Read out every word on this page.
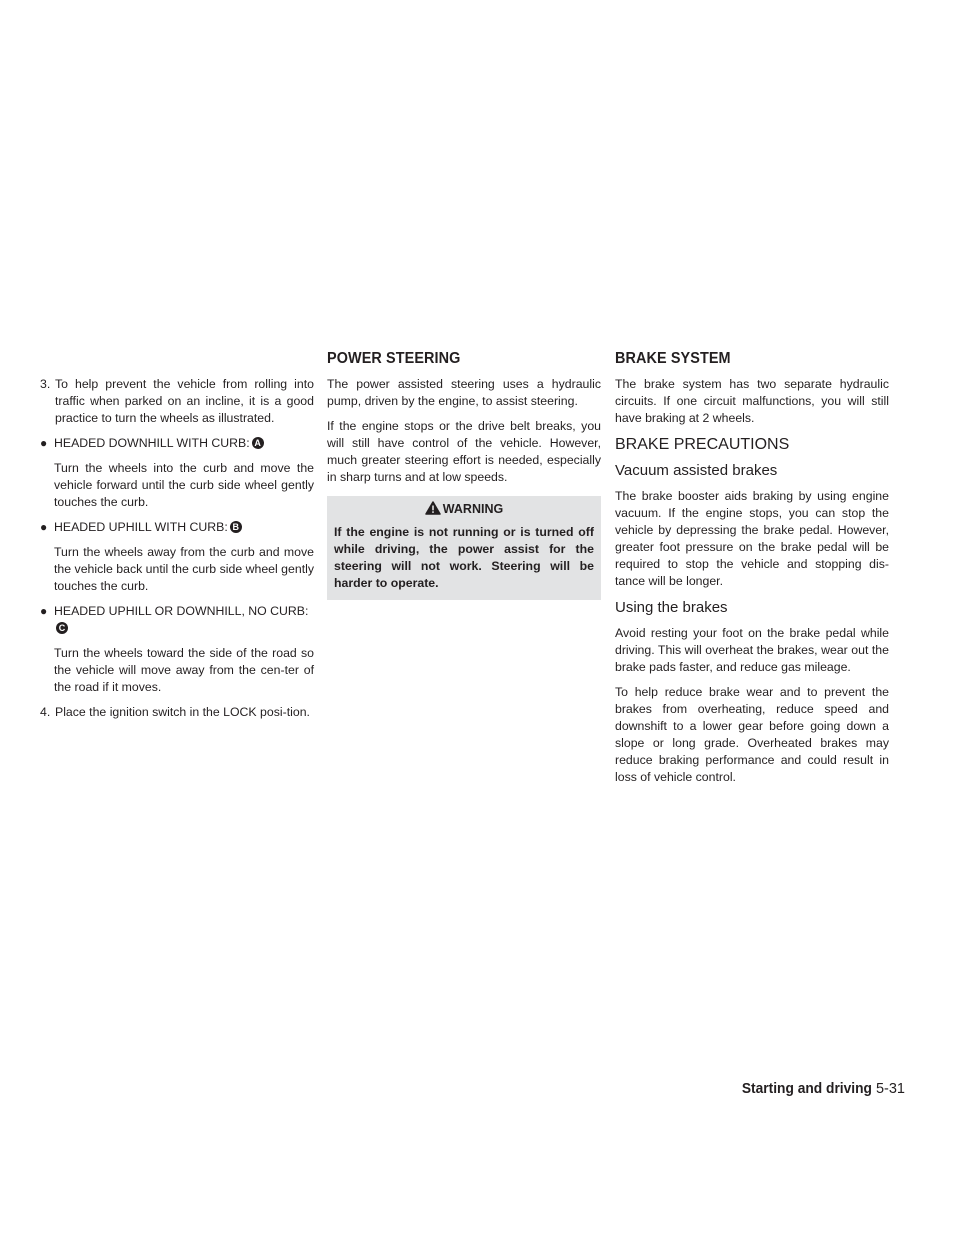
POWER STEERING	BRAKE SYSTEM
3. To help prevent the vehicle from rolling into traffic when parked on an incline, it is a good practice to turn the wheels as illustrated.
● HEADED DOWNHILL WITH CURB: A

Turn the wheels into the curb and move the vehicle forward until the curb side wheel gently touches the curb.

● HEADED UPHILL WITH CURB: B

Turn the wheels away from the curb and move the vehicle back until the curb side wheel gently touches the curb.

● HEADED UPHILL OR DOWNHILL, NO CURB:C

Turn the wheels toward the side of the road so the vehicle will move away from the cen-ter of the road if it moves.

4. Place the ignition switch in the LOCK posi-tion.

The power assisted steering uses a hydraulic pump, driven by the engine, to assist steering.

If the engine stops or the drive belt breaks, you will still have control of the vehicle. However, much greater steering effort is needed, especially in sharp turns and at low speeds.

WARNING
If the engine is not running or is turned off while driving, the power assist for the steering will not work. Steering will be harder to operate.

The brake system has two separate hydraulic circuits. If one circuit malfunctions, you will still have braking at 2 wheels.

BRAKE PRECAUTIONS
Vacuum assisted brakes

The brake booster aids braking by using engine vacuum. If the engine stops, you can stop the vehicle by depressing the brake pedal. However, greater foot pressure on the brake pedal will be required to stop the vehicle and stopping dis-tance will be longer.

Using the brakes

Avoid resting your foot on the brake pedal while driving. This will overheat the brakes, wear out the brake pads faster, and reduce gas mileage.

To help reduce brake wear and to prevent the brakes from overheating, reduce speed and downshift to a lower gear before going down a slope or long grade. Overheated brakes may reduce braking performance and could result in loss of vehicle control.

Starting and driving 5-31
